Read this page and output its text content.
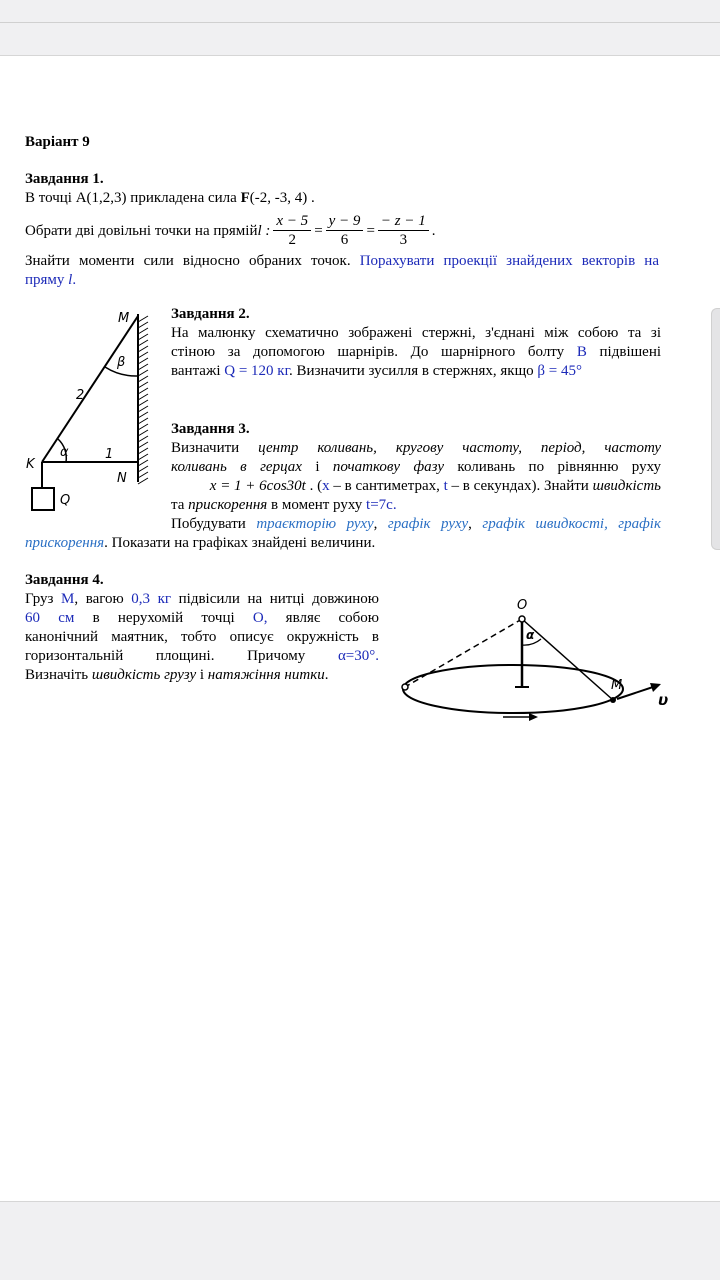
Варіант 9
Завдання 1.
В точці A(1,2,3) прикладена сила F(-2, -3, 4) .
Обрати дві довільні точки на прямій l : $\frac{x - 5}{2} = \frac{y - 9}{6} = \frac{- z - 1}{3}$ .
Знайти моменти сили відносно обраних точок. Порахувати проекції знайдених векторів на
пряму l.
M
N
K
Q
1
2
α
β
Завдання 2.
На малюнку схематично зображені стержні, з'єднані між собою та зі
стіною за допомогою шарнірів. До шарнірного болту B підвішені
вантажі Q = 120 кг. Визначити зусилля в стержнях, якщо β = 45°
Завдання 3.
Визначити центр коливань, кругову частоту, період, частоту
коливань в герцах і початкову фазу коливань по рівнянню руху
x = 1 + 6cos30t . (x – в сантиметрах, t – в секундах). Знайти швидкість
та прискорення в момент руху t=7c.
Побудувати траєкторію руху, графік руху, графік швидкості, графік
прискорення. Показати на графіках знайдені величини.
Завдання 4.
Груз M, вагою 0,3 кг підвісили на нитці довжиною
60 см в нерухомій точці O, являє собою
канонічний маятник, тобто описує окружність в
горизонтальній площині. Причому α=30°.
Визначіть швидкість грузу і натяжіння нитки.
O
M
υ
α
